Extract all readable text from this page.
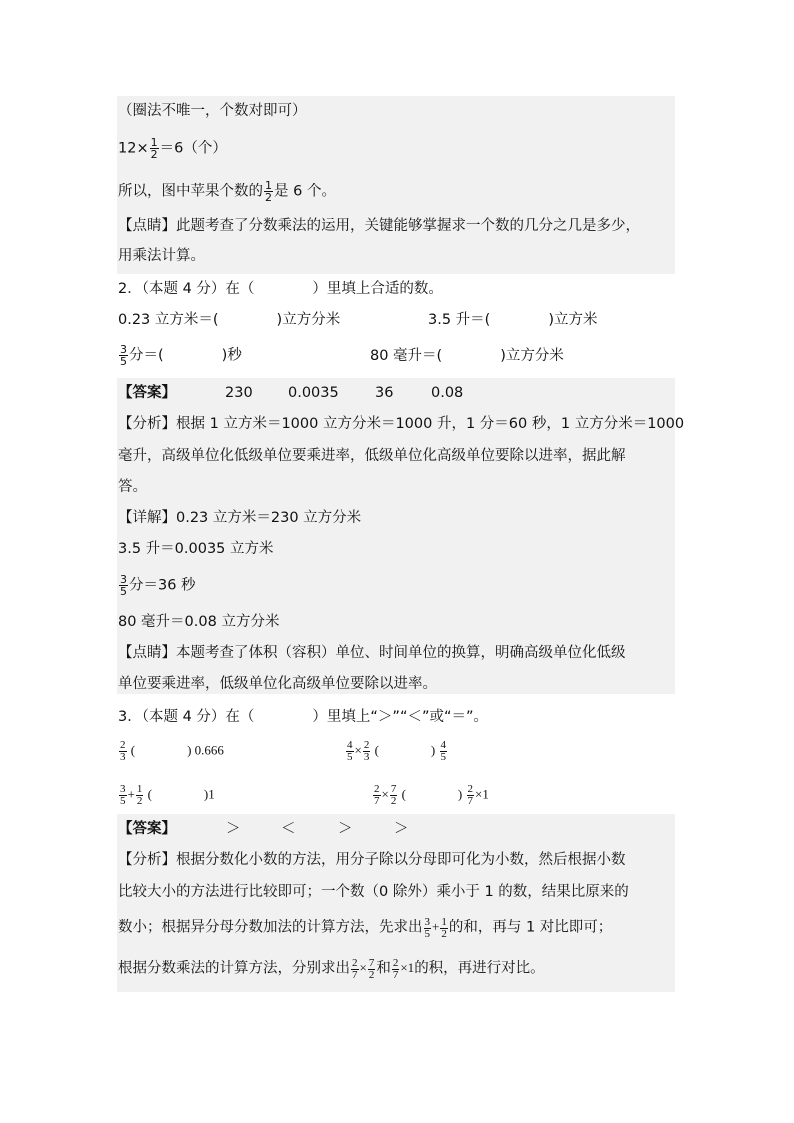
（圈法不唯一，个数对即可）
$12\times \frac{1}{2} =6$（个）
所以，图中苹果个数的 $\frac{1}{2}$ 是 6 个。
【点睛】此题考查了分数乘法的运用，关键能够掌握求一个数的几分之几是多少，
用乘法计算。
2．（本题 4 分）在（　　　　）里填上合适的数。
0.23 立方米＝(　　　　)立方分米	3.5 升＝(　　　　)立方米
$\frac{3}{5}$ 分＝(　　　　)秒	80 毫升＝(　　　　)立方分米
【答案】	230 0.0035	36	0.08
【分析】根据 1 立方米＝1000 立方分米＝1000 升，1 分＝60 秒，1 立方分米＝1000
毫升，高级单位化低级单位要乘进率，低级单位化高级单位要除以进率，据此解
答。
【详解】0.23 立方米＝230 立方分米
3.5 升＝0.0035 立方米
$\frac{3}{5}$ 分＝36 秒
80 毫升＝0.08 立方分米
【点睛】本题考查了体积（容积）单位、时间单位的换算，明确高级单位化低级
单位要乘进率，低级单位化高级单位要除以进率。
3．（本题 4 分）在（　　　　）里填上“＞”“＜”或“＝”。
$\frac{2}{3}$ (　　　　) 0.666	$\frac{4}{5} \times \frac{2}{3}$ (　　　　) $\frac{4}{5}$
$\frac{3}{5} + \frac{1}{2}$ (　　　　)1	$\frac{2}{7} \times \frac{7}{2}$ (　　　　) $\frac{2}{7} \times 1$
【答案】	＞	＜	＞	＞
【分析】根据分数化小数的方法，用分子除以分母即可化为小数，然后根据小数
比较大小的方法进行比较即可；一个数（0 除外）乘小于 1 的数，结果比原来的
数小；根据异分母分数加法的计算方法，先求出 $\frac{3}{5} + \frac{1}{2}$ 的和，再与 1 对比即可；
根据分数乘法的计算方法，分别求出 $\frac{2}{7} \times \frac{7}{2}$ 和 $\frac{2}{7} \times 1$的积，再进行对比。
